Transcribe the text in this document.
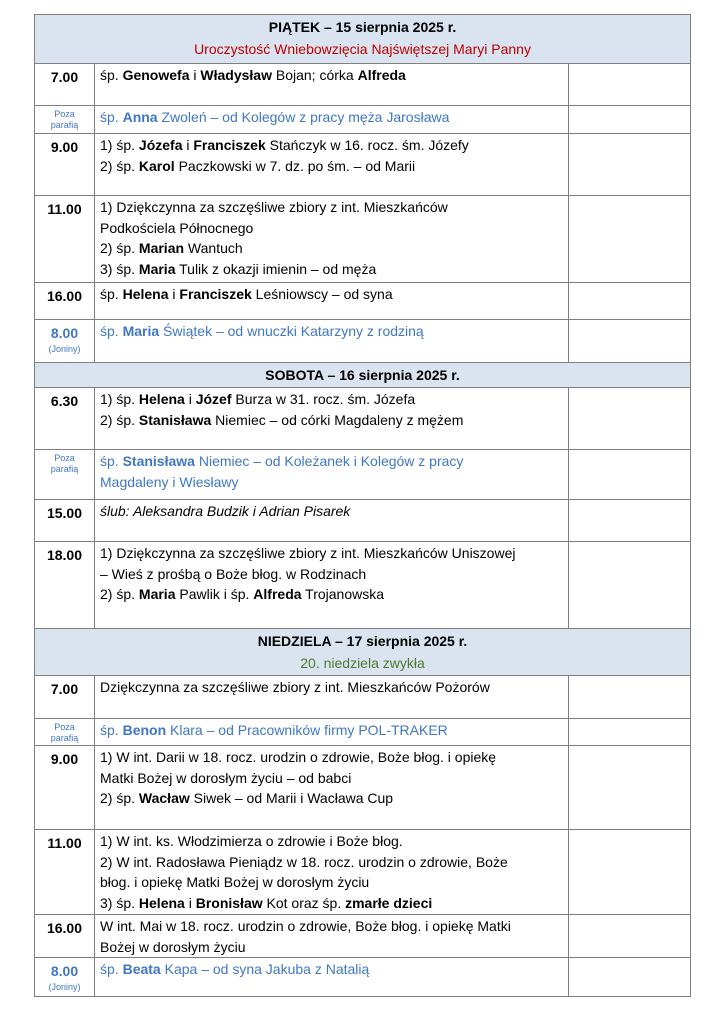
PIĄTEK – 15 sierpnia 2025 r.
Uroczystość Wniebowzięcia Najświętszej Maryi Panny		

7.00	śp. Genowefa i Władysław Bojan; córka Alfreda	

Poza
parafią	śp. Anna Zwoleń – od Kolegów z pracy męża Jarosława	

9.00	1) śp. Józefa i Franciszek Stańczyk w 16. rocz. śm. Józefy
2) śp. Karol Paczkowski w 7. dz. po śm. – od Marii	

11.00	1) Dziękczynna za szczęśliwe zbiory z int. Mieszkańców
Podkościela Północnego
2) śp. Marian Wantuch
3) śp. Maria Tulik z okazji imienin – od męża	

16.00	śp. Helena i Franciszek Leśniowscy – od syna	

8.00
(Joniny)	śp. Maria Świątek – od wnuczki Katarzyny z rodziną	

SOBOTA – 16 sierpnia 2025 r.		

6.30	1) śp. Helena i Józef Burza w 31. rocz. śm. Józefa
2) śp. Stanisława Niemiec – od córki Magdaleny z mężem	

Poza
parafią	śp. Stanisława Niemiec – od Koleżanek i Kolegów z pracy
Magdaleny i Wiesławy	

15.00	ślub: Aleksandra Budzik i Adrian Pisarek	

18.00	1) Dziękczynna za szczęśliwe zbiory z int. Mieszkańców Uniszowej
– Wieś z prośbą o Boże błog. w Rodzinach
2) śp. Maria Pawlik i śp. Alfreda Trojanowska	

NIEDZIELA – 17 sierpnia 2025 r.
20. niedziela zwykła		

7.00	Dziękczynna za szczęśliwe zbiory z int. Mieszkańców Pożorów	

Poza
parafią	śp. Benon Klara – od Pracowników firmy POL-TRAKER	

9.00	1) W int. Darii w 18. rocz. urodzin o zdrowie, Boże błog. i opiekę
Matki Bożej w dorosłym życiu – od babci
2) śp. Wacław Siwek – od Marii i Wacława Cup	

11.00	1) W int. ks. Włodzimierza o zdrowie i Boże błog.
2) W int. Radosława Pieniądz w 18. rocz. urodzin o zdrowie, Boże
błog. i opiekę Matki Bożej w dorosłym życiu
3) śp. Helena i Bronisław Kot oraz śp. zmarłe dzieci	

16.00	W int. Mai w 18. rocz. urodzin o zdrowie, Boże błog. i opiekę Matki
Bożej w dorosłym życiu	

8.00
(Joniny)	śp. Beata Kapa – od syna Jakuba z Natalią	
